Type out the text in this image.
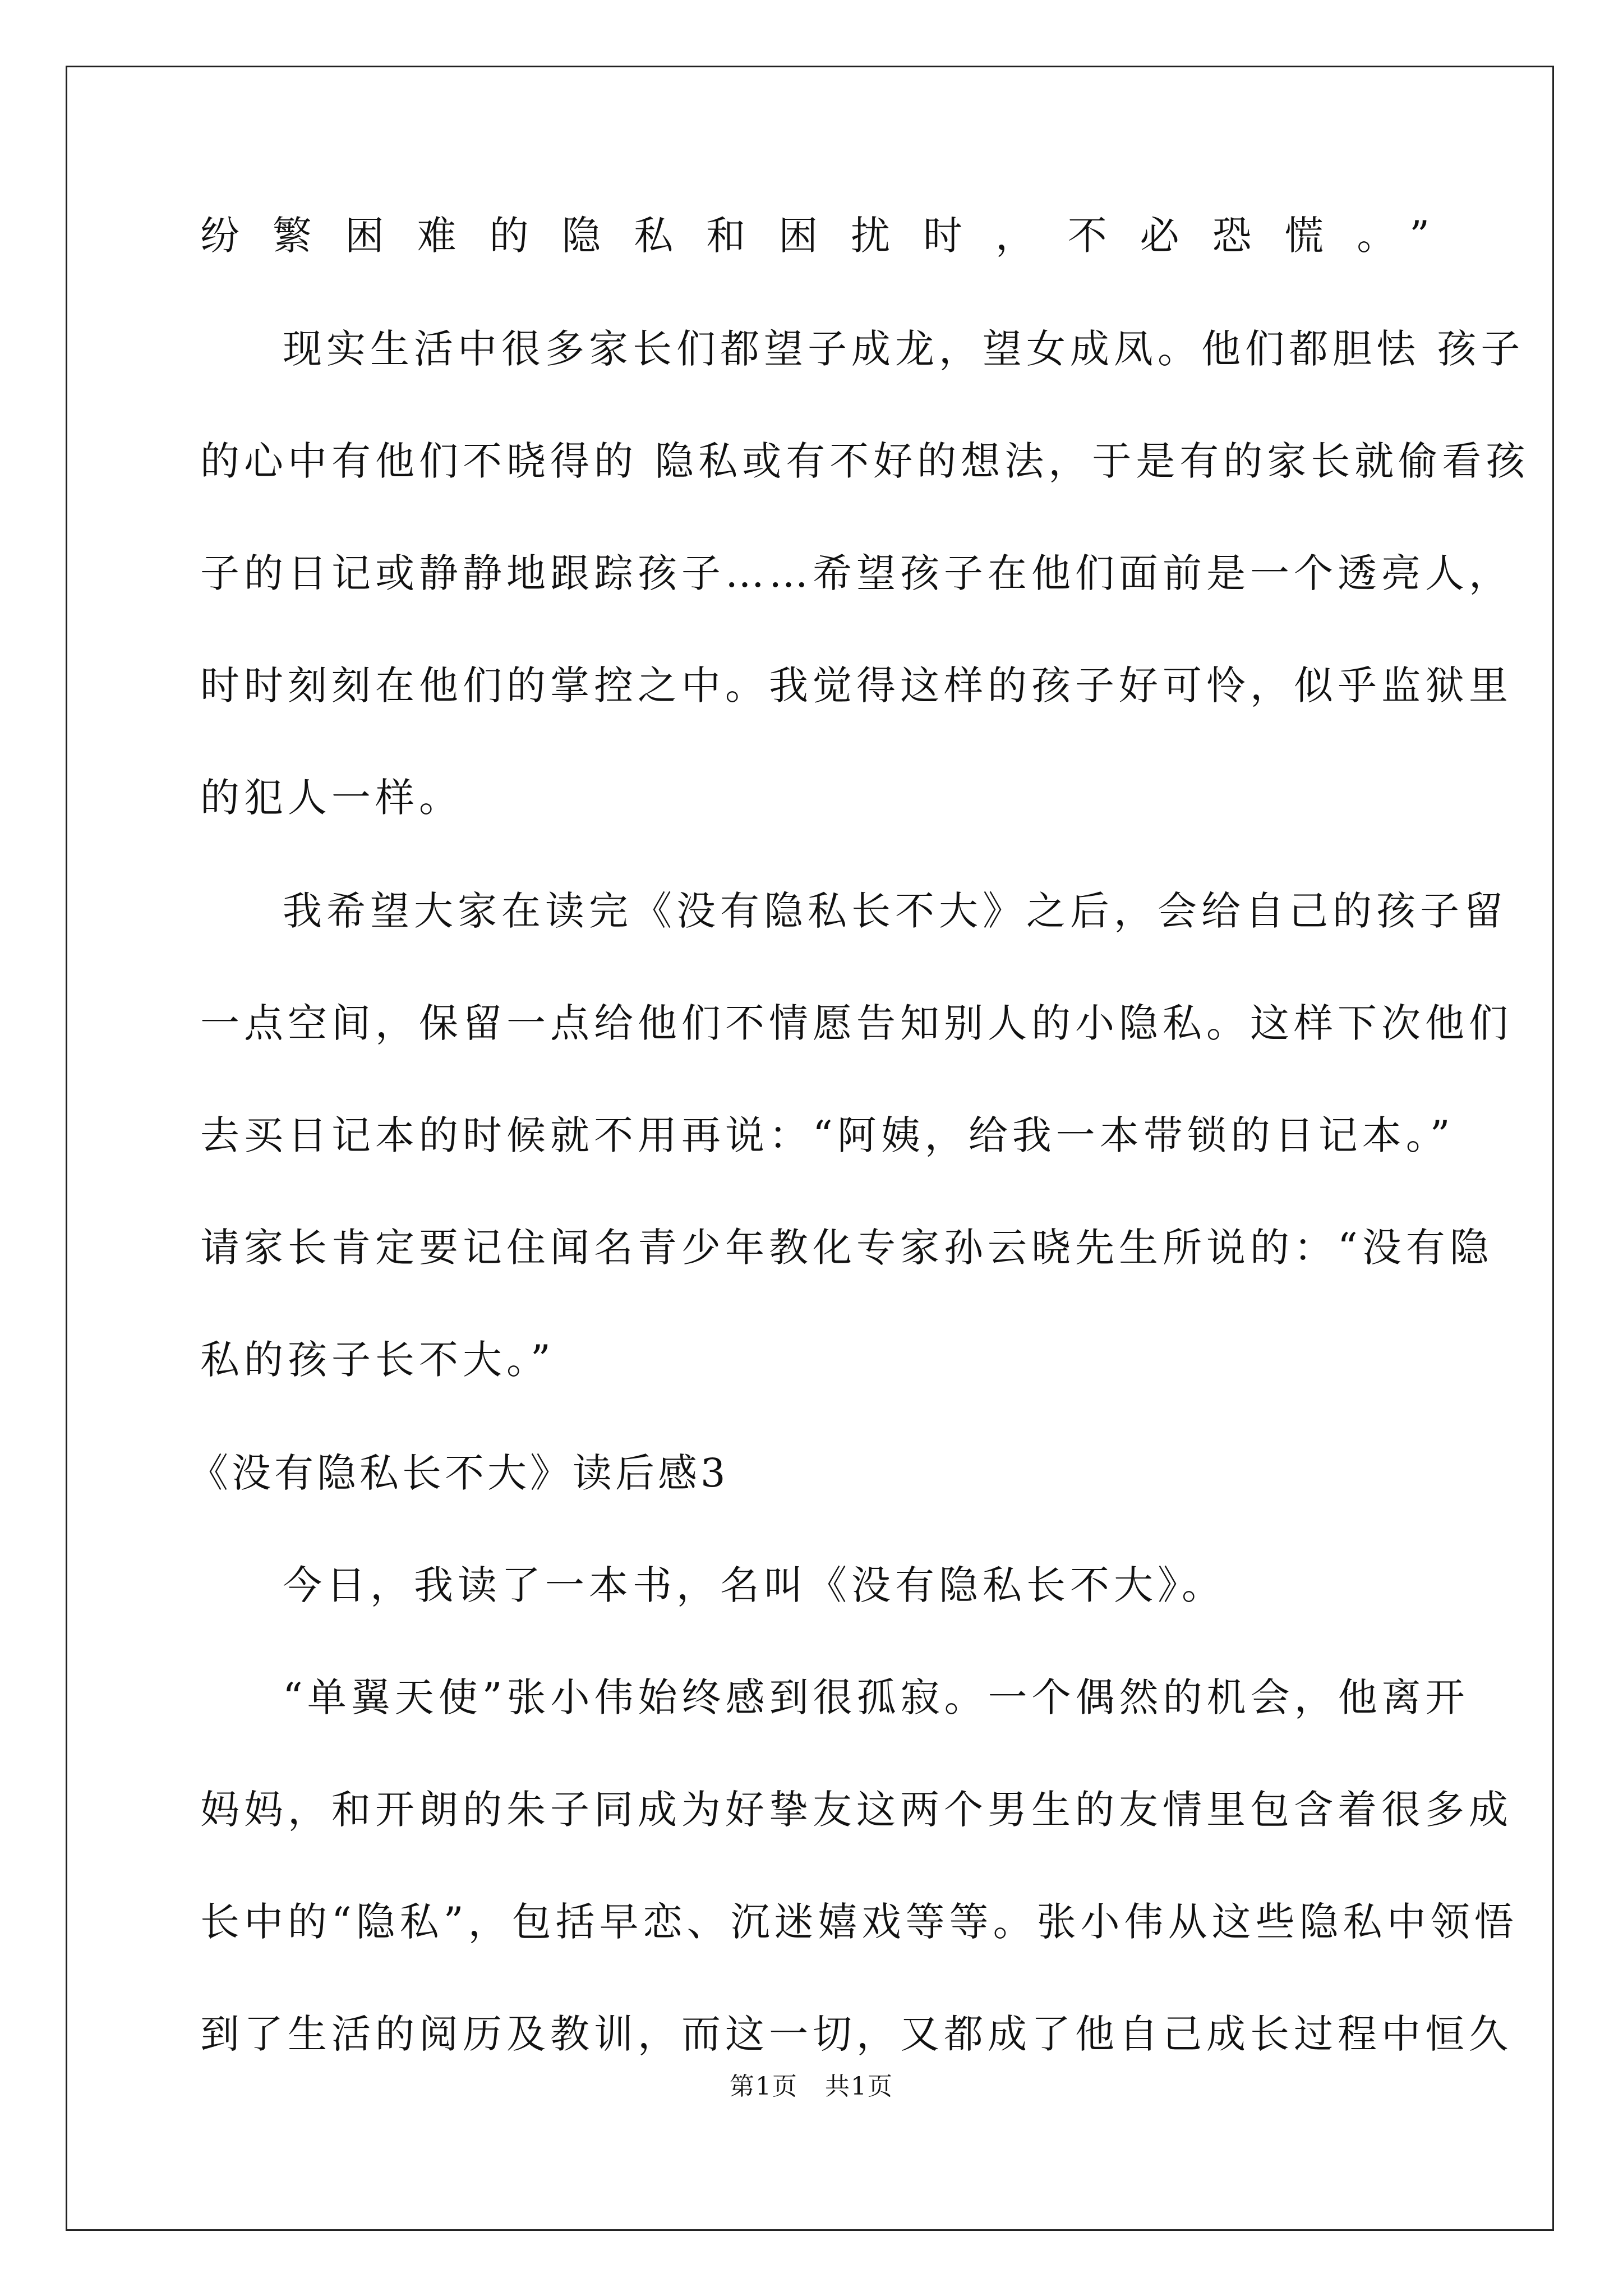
纷繁困难的隐私和困扰时，不必恐慌。”
现实生活中很多家长们都望子成龙，望女成凤。他们都胆怯 孩子
的心中有他们不晓得的 隐私或有不好的想法，于是有的家长就偷看孩
子的日记或静静地跟踪孩子……希望孩子在他们面前是一个透亮人，
时时刻刻在他们的掌控之中。我觉得这样的孩子好可怜，似乎监狱里
的犯人一样。
我希望大家在读完《没有隐私长不大》之后，会给自己的孩子留
一点空间，保留一点给他们不情愿告知别人的小隐私。这样下次他们
去买日记本的时候就不用再说：“阿姨，给我一本带锁的日记本。”
请家长肯定要记住闻名青少年教化专家孙云晓先生所说的：“没有隐
私的孩子长不大。”
《没有隐私长不大》读后感3
今日，我读了一本书，名叫《没有隐私长不大》。
“单翼天使”张小伟始终感到很孤寂。一个偶然的机会，他离开
妈妈，和开朗的朱子同成为好挚友这两个男生的友情里包含着很多成
长中的“隐私”，包括早恋、沉迷嬉戏等等。张小伟从这些隐私中领悟
到了生活的阅历及教训，而这一切，又都成了他自己成长过程中恒久
第1页 共1页
